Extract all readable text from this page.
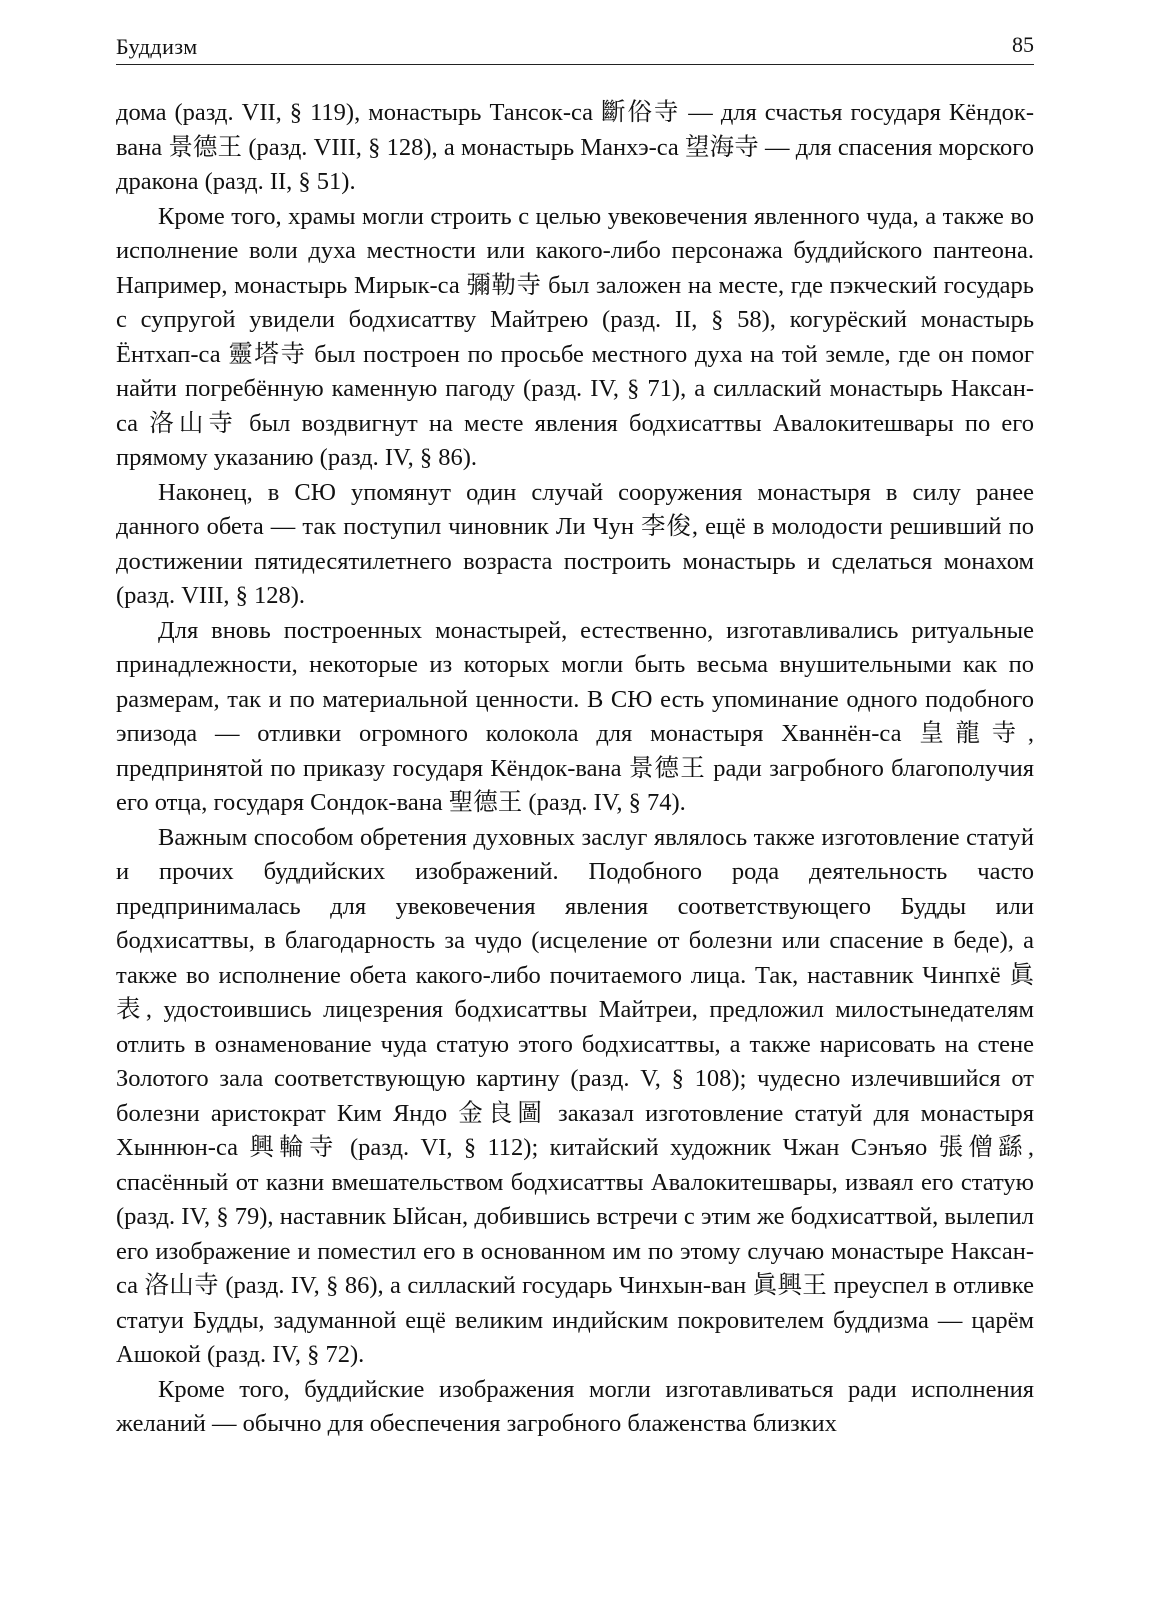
Буддизм	85

дома (разд. VII, § 119), монастырь Тансок-са 斷俗寺 — для счастья государя Кёндок-вана 景德王 (разд. VIII, § 128), а монастырь Манхэ-са 望海寺 — для спасения морского дракона (разд. II, § 51).

Кроме того, храмы могли строить с целью увековечения явленного чуда, а также во исполнение воли духа местности или какого-либо персонажа буддийского пантеона. Например, монастырь Мирык-са 彌勒寺 был заложен на месте, где пэкческий государь с супругой увидели бодхисаттву Майтрею (разд. II, § 58), когурёский монастырь Ёнтхап-са 靈塔寺 был построен по просьбе местного духа на той земле, где он помог найти погребённую каменную пагоду (разд. IV, § 71), а силлаский монастырь Наксан-са 洛山寺 был воздвигнут на месте явления бодхисаттвы Авалокитешвары по его прямому указанию (разд. IV, § 86).

Наконец, в СЮ упомянут один случай сооружения монастыря в силу ранее данного обета — так поступил чиновник Ли Чун 李俊, ещё в молодости решивший по достижении пятидесятилетнего возраста построить монастырь и сделаться монахом (разд. VIII, § 128).

Для вновь построенных монастырей, естественно, изготавливались ритуальные принадлежности, некоторые из которых могли быть весьма внушительными как по размерам, так и по материальной ценности. В СЮ есть упоминание одного подобного эпизода — отливки огромного колокола для монастыря Хваннён-са 皇龍寺, предпринятой по приказу государя Кёндок-вана 景德王 ради загробного благополучия его отца, государя Сондок-вана 聖德王 (разд. IV, § 74).

Важным способом обретения духовных заслуг являлось также изготовление статуй и прочих буддийских изображений. Подобного рода деятельность часто предпринималась для увековечения явления соответствующего Будды или бодхисаттвы, в благодарность за чудо (исцеление от болезни или спасение в беде), а также во исполнение обета какого-либо почитаемого лица. Так, наставник Чинпхё 眞表, удостоившись лицезрения бодхисаттвы Майтреи, предложил милостынедателям отлить в ознаменование чуда статую этого бодхисаттвы, а также нарисовать на стене Золотого зала соответствующую картину (разд. V, § 108); чудесно излечившийся от болезни аристократ Ким Яндо 金良圖 заказал изготовление статуй для монастыря Хыннюн-са 興輪寺 (разд. VI, § 112); китайский художник Чжан Сэнъяо 張僧繇, спасённый от казни вмешательством бодхисаттвы Авалокитешвары, изваял его статую (разд. IV, § 79), наставник Ыйсан, добившись встречи с этим же бодхисаттвой, вылепил его изображение и поместил его в основанном им по этому случаю монастыре Наксан-са 洛山寺 (разд. IV, § 86), а силлаский государь Чинхын-ван 眞興王 преуспел в отливке статуи Будды, задуманной ещё великим индийским покровителем буддизма — царём Ашокой (разд. IV, § 72).

Кроме того, буддийские изображения могли изготавливаться ради исполнения желаний — обычно для обеспечения загробного блаженства близких
